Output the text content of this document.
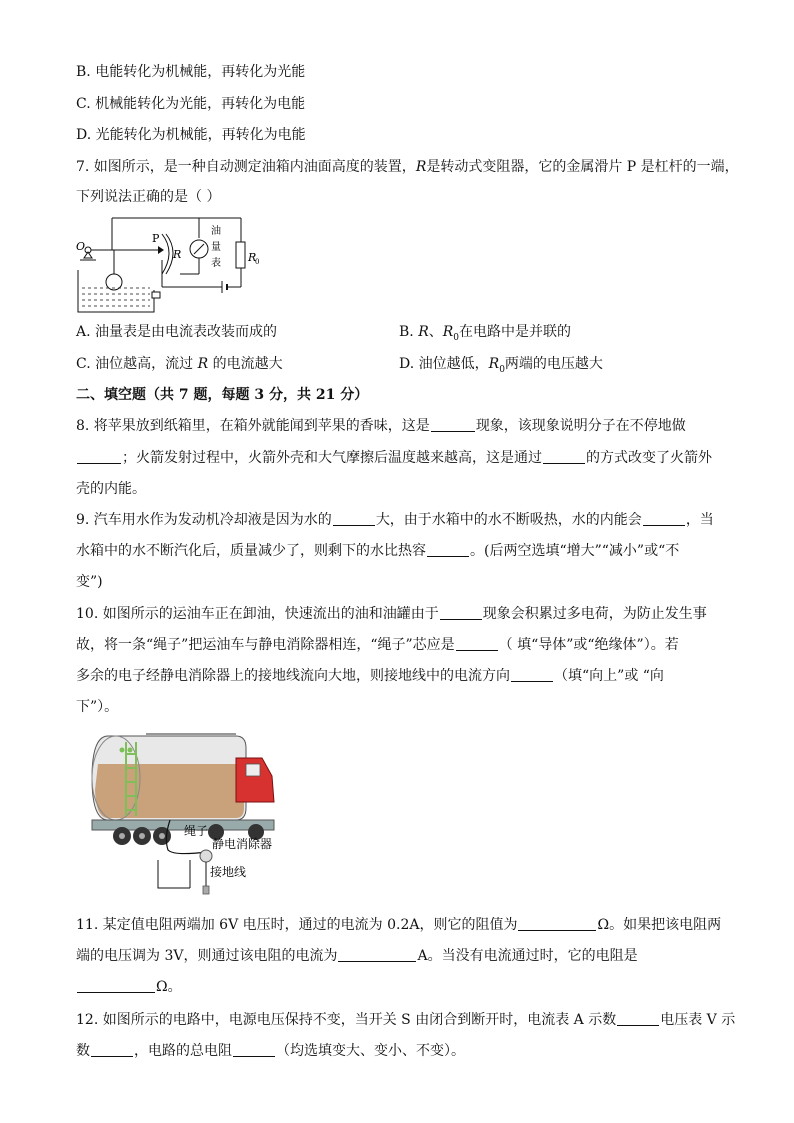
B. 电能转化为机械能，再转化为光能
C. 机械能转化为光能，再转化为电能
D. 光能转化为机械能，再转化为电能
7. 如图所示，是一种自动测定油箱内油面高度的装置，R是转动式变阻器，它的金属滑片 P 是杠杆的一端，
下列说法正确的是（ ）
R
P
O
油
量
表 R
0
A. 油量表是由电流表改装而成的	B. R、$R_0$在电路中是并联的
C. 油位越高，流过 R 的电流越大	D. 油位越低，$R_0$两端的电压越大
二、填空题（共 7 题，每题 3 分，共 21 分）
8. 将苹果放到纸箱里，在箱外就能闻到苹果的香味，这是	现象，该现象说明分子在不停地做
；火箭发射过程中，火箭外壳和大气摩擦后温度越来越高，这是通过	的方式改变了火箭外
壳的内能。
9. 汽车用水作为发动机冷却液是因为水的	大，由于水箱中的水不断吸热，水的内能会	，当
水箱中的水不断汽化后，质量减少了，则剩下的水比热容	。(后两空选填“增大”“减小”或“不
变”)
10. 如图所示的运油车正在卸油，快速流出的油和油罐由于	现象会积累过多电荷，为防止发生事
故，将一条“绳子”把运油车与静电消除器相连，“绳子”芯应是	（ 填“导体”或“绝缘体”）。若
多余的电子经静电消除器上的接地线流向大地，则接地线中的电流方向	（填“向上”或 “向
下”）。
绳子
静电消除器
接地线
11. 某定值电阻两端加 6V 电压时，通过的电流为 0.2A，则它的阻值为	Ω。如果把该电阻两
端的电压调为 3V，则通过该电阻的电流为	A。当没有电流通过时，它的电阻是
Ω。
12. 如图所示的电路中，电源电压保持不变，当开关 S 由闭合到断开时，电流表 A 示数	电压表 V 示
数	，电路的总电阻	（均选填变大、变小、不变）。
